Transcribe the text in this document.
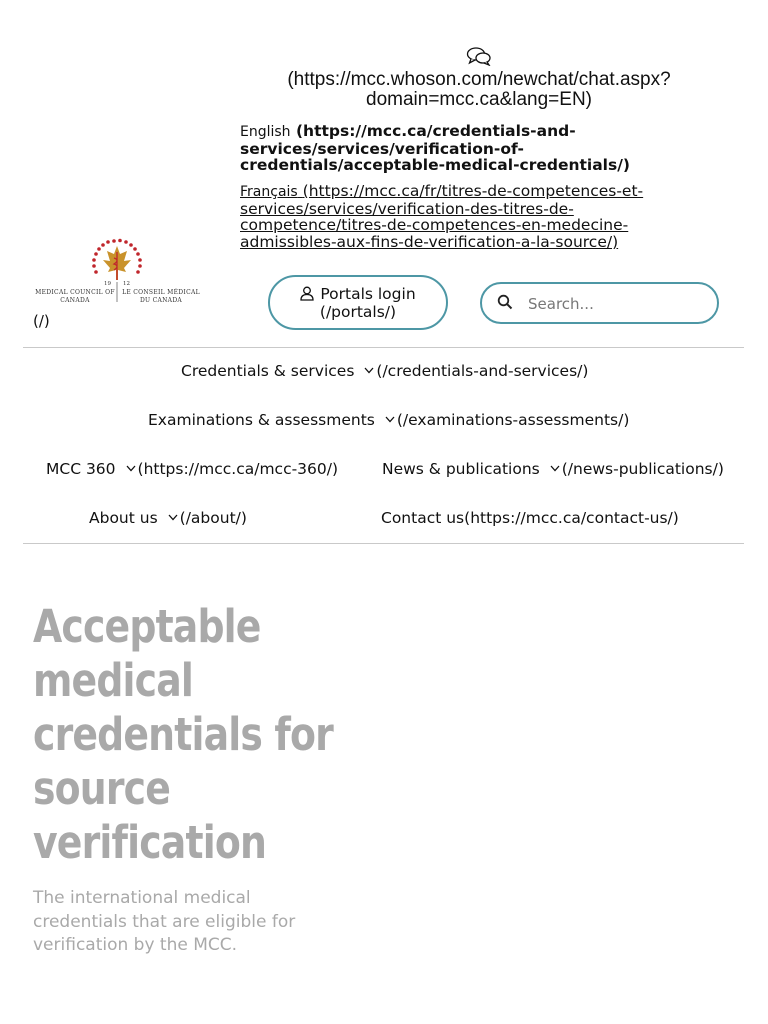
(https://mcc.whoson.com/newchat/chat.aspx?domain=mcc.ca&lang=EN)
English (https://mcc.ca/credentials-and-services/services/verification-of-credentials/acceptable-medical-credentials/)
Français (https://mcc.ca/fr/titres-de-competences-et-services/services/verification-des-titres-de-competence/titres-de-competences-en-medecine-admissibles-aux-fins-de-verification-a-la-source/)
19 12
MEDICAL COUNCIL OF CANADA
LE CONSEIL MÉDICAL DU CANADA
(/)
Portals login
(/portals/)	Search...
Credentials & services (/credentials-and-services/)
Examinations & assessments (/examinations-assessments/)
MCC 360 (https://mcc.ca/mcc-360/)	News & publications (/news-publications/)
About us (/about/)	Contact us(https://mcc.ca/contact-us/)
Acceptable medical credentials for source verification

The international medical credentials that are eligible for verification by the MCC.
